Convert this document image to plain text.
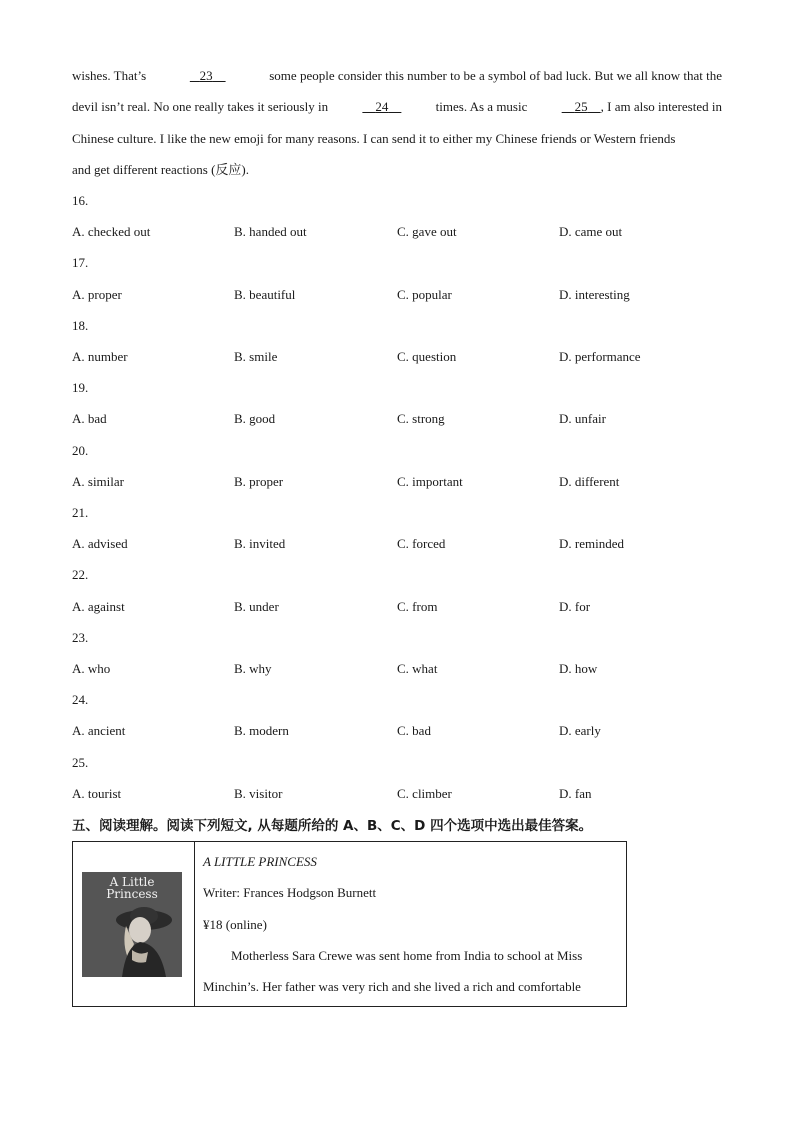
wishes. That’s	23	some people consider this number to be a symbol of bad luck. But we all know that the
devil isn’t real. No one really takes it seriously in	24	times. As a music	25 , I am also interested in
Chinese culture. I like the new emoji for many reasons. I can send it to either my Chinese friends or Western friends
and get different reactions (反应).
16.
A. checked out	B. handed out	C. gave out	D. came out
17.
A. proper	B. beautiful	C. popular	D. interesting
18.
A. number	B. smile	C. question	D. performance
19.
A. bad	B. good	C. strong	D. unfair
20.
A. similar	B. proper	C. important	D. different
21.
A. advised	B. invited	C. forced	D. reminded
22.
A. against	B. under	C. from	D. for
23.
A. who	B. why	C. what	D. how
24.
A. ancient	B. modern	C. bad	D. early
25.
A. tourist	B. visitor	C. climber	D. fan
五、阅读理解。阅读下列短文, 从每题所给的 A、B、C、D 四个选项中选出最佳答案。
A Little
Princess
A LITTLE PRINCESS
Writer: Frances Hodgson Burnett
¥18 (online)
Motherless Sara Crewe was sent home from India to school at Miss
Minchin’s. Her father was very rich and she lived a rich and comfortable
